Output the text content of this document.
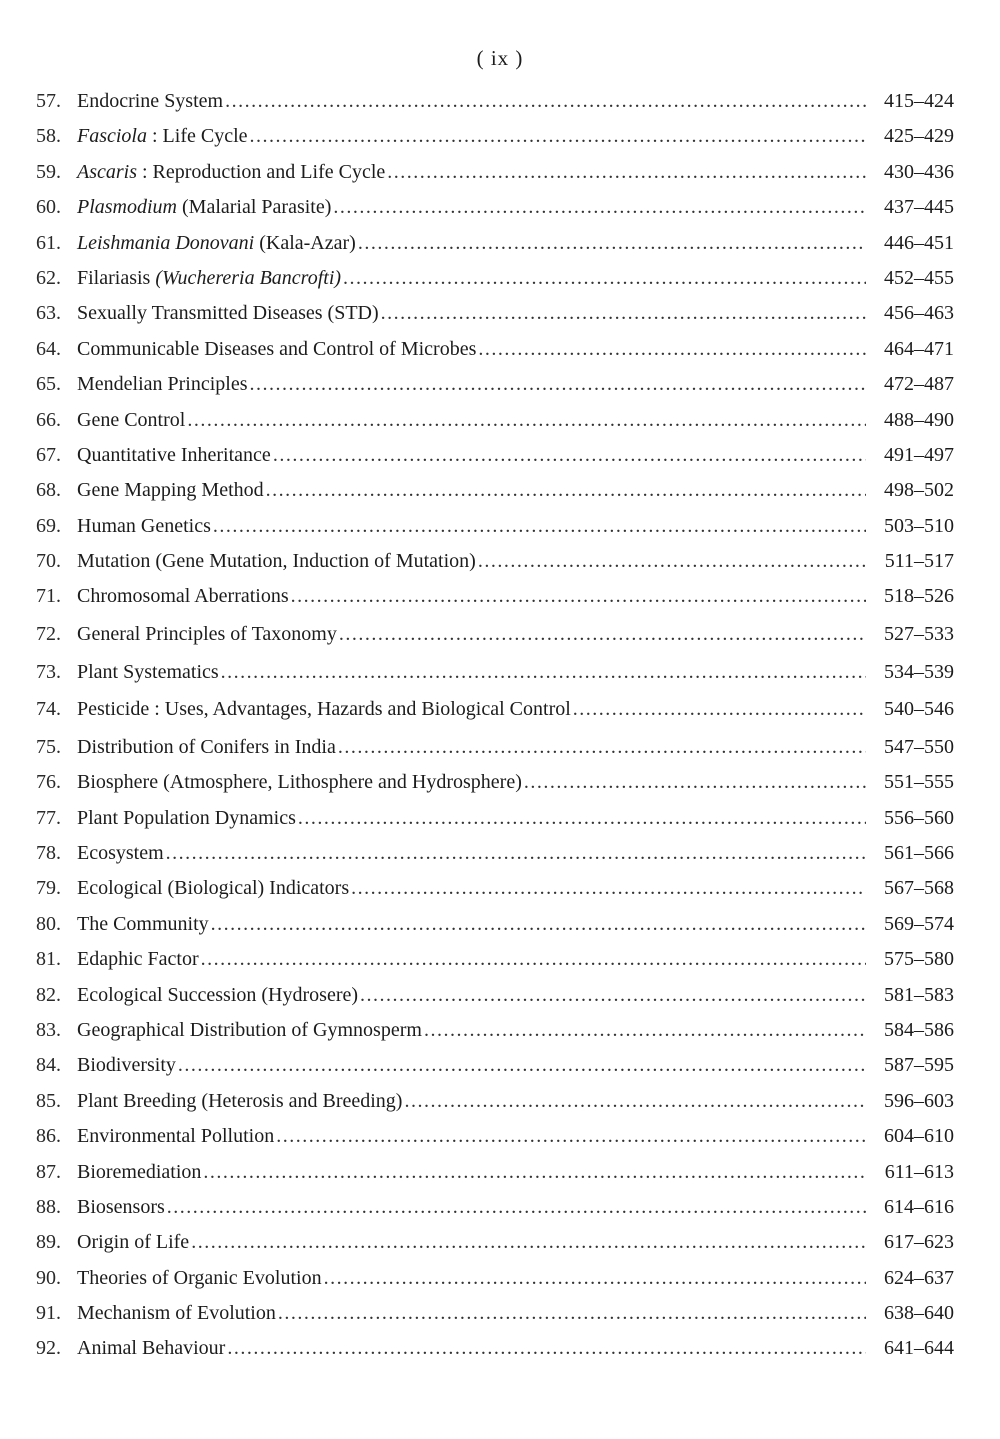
( ix )
57. Endocrine System .....	415–424
58. Fasciola : Life Cycle .....	425–429
59. Ascaris : Reproduction and Life Cycle .....	430–436
60. Plasmodium (Malarial Parasite) .....	437–445
61. Leishmania Donovani (Kala-Azar) .....	446–451
62. Filariasis (Wuchereria Bancrofti) .....	452–455
63. Sexually Transmitted Diseases (STD) .....	456–463
64. Communicable Diseases and Control of Microbes .....	464–471
65. Mendelian Principles .....	472–487
66. Gene Control .....	488–490
67. Quantitative Inheritance .....	491–497
68. Gene Mapping Method .....	498–502
69. Human Genetics .....	503–510
70. Mutation (Gene Mutation, Induction of Mutation) .....	511–517
71. Chromosomal Aberrations .....	518–526
72. General Principles of Taxonomy .....	527–533
73. Plant Systematics .....	534–539
74. Pesticide : Uses, Advantages, Hazards and Biological Control .....	540–546
75. Distribution of Conifers in India .....	547–550
76. Biosphere (Atmosphere, Lithosphere and Hydrosphere) .....	551–555
77. Plant Population Dynamics .....	556–560
78. Ecosystem .....	561–566
79. Ecological (Biological) Indicators .....	567–568
80. The Community .....	569–574
81. Edaphic Factor .....	575–580
82. Ecological Succession (Hydrosere) .....	581–583
83. Geographical Distribution of Gymnosperm .....	584–586
84. Biodiversity .....	587–595
85. Plant Breeding (Heterosis and Breeding) .....	596–603
86. Environmental Pollution .....	604–610
87. Bioremediation .....	611–613
88. Biosensors .....	614–616
89. Origin of Life .....	617–623
90. Theories of Organic Evolution .....	624–637
91. Mechanism of Evolution .....	638–640
92. Animal Behaviour .....	641–644
